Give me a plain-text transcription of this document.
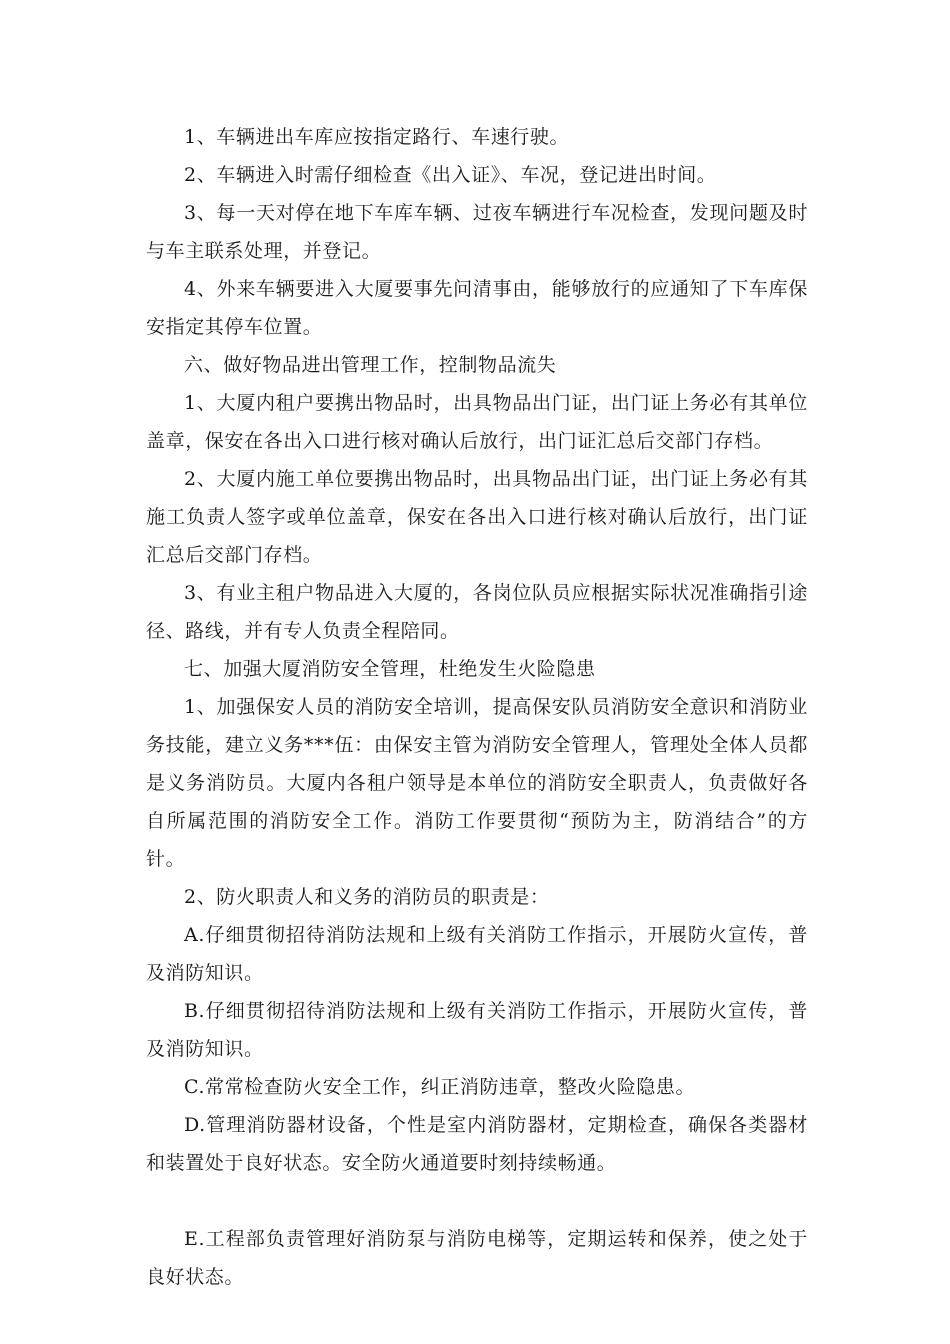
1、车辆进出车库应按指定路行、车速行驶。

2、车辆进入时需仔细检查《出入证》、车况，登记进出时间。

3、每一天对停在地下车库车辆、过夜车辆进行车况检查，发现问题及时与车主联系处理，并登记。

4、外来车辆要进入大厦要事先问清事由，能够放行的应通知了下车库保安指定其停车位置。

六、做好物品进出管理工作，控制物品流失

1、大厦内租户要携出物品时，出具物品出门证，出门证上务必有其单位盖章，保安在各出入口进行核对确认后放行，出门证汇总后交部门存档。

2、大厦内施工单位要携出物品时，出具物品出门证，出门证上务必有其施工负责人签字或单位盖章，保安在各出入口进行核对确认后放行，出门证汇总后交部门存档。

3、有业主租户物品进入大厦的，各岗位队员应根据实际状况准确指引途径、路线，并有专人负责全程陪同。

七、加强大厦消防安全管理，杜绝发生火险隐患

1、加强保安人员的消防安全培训，提高保安队员消防安全意识和消防业务技能，建立义务***伍：由保安主管为消防安全管理人，管理处全体人员都是义务消防员。大厦内各租户领导是本单位的消防安全职责人，负责做好各自所属范围的消防安全工作。消防工作要贯彻“预防为主，防消结合”的方针。

2、防火职责人和义务的消防员的职责是：

A.仔细贯彻招待消防法规和上级有关消防工作指示，开展防火宣传，普及消防知识。

B.仔细贯彻招待消防法规和上级有关消防工作指示，开展防火宣传，普及消防知识。

C.常常检查防火安全工作，纠正消防违章，整改火险隐患。

D.管理消防器材设备，个性是室内消防器材，定期检查，确保各类器材和装置处于良好状态。安全防火通道要时刻持续畅通。

E.工程部负责管理好消防泵与消防电梯等，定期运转和保养，使之处于良好状态。
